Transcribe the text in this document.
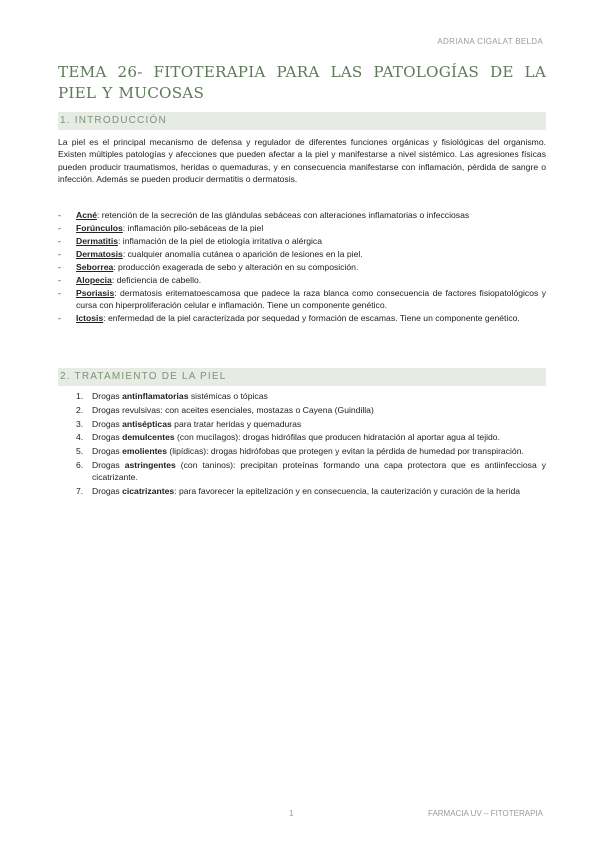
ADRIANA CIGALAT BELDA
TEMA 26- FITOTERAPIA PARA LAS PATOLOGÍAS DE LA PIEL Y MUCOSAS
1. INTRODUCCIÓN

La piel es el principal mecanismo de defensa y regulador de diferentes funciones orgánicas y fisiológicas del organismo. Existen múltiples patologías y afecciones que pueden afectar a la piel y manifestarse a nivel sistémico. Las agresiones físicas pueden producir traumatismos, heridas o quemaduras, y en consecuencia manifestarse con inflamación, pérdida de sangre o infección. Además se pueden producir dermatitis o dermatosis.

- Acné: retención de la secreción de las glándulas sebáceas con alteraciones inflamatorias o infecciosas
- Forúnculos: inflamación pilo-sebáceas de la piel
- Dermatitis: inflamación de la piel de etiología irritativa o alérgica
- Dermatosis: cualquier anomalía cutánea o aparición de lesiones en la piel.
- Seborrea: producción exagerada de sebo y alteración en su composición.
- Alopecia: deficiencia de cabello.
- Psoriasis: dermatosis eritematoescamosa que padece la raza blanca como consecuencia de factores fisiopatológicos y cursa con hiperproliferación celular e inflamación. Tiene un componente genético.
- Ictosis: enfermedad de la piel caracterizada por sequedad y formación de escamas. Tiene un componente genético.
2. TRATAMIENTO DE LA PIEL
1. Drogas antinflamatorias sistémicas o tópicas
2. Drogas revulsivas: con aceites esenciales, mostazas o Cayena (Guindilla)
3. Drogas antisépticas para tratar heridas y quemaduras
4. Drogas demulcentes (con mucílagos): drogas hidrófilas que producen hidratación al aportar agua al tejido.
5. Drogas emolientes (lipídicas): drogas hidrófobas que protegen y evitan la pérdida de humedad por transpiración.
6. Drogas astringentes (con taninos): precipitan proteínas formando una capa protectora que es antiinfecciosa y cicatrizante.
7. Drogas cicatrizantes: para favorecer la epitelización y en consecuencia, la cauterización y curación de la herida
1	FARMACIA UV – FITOTERAPIA
